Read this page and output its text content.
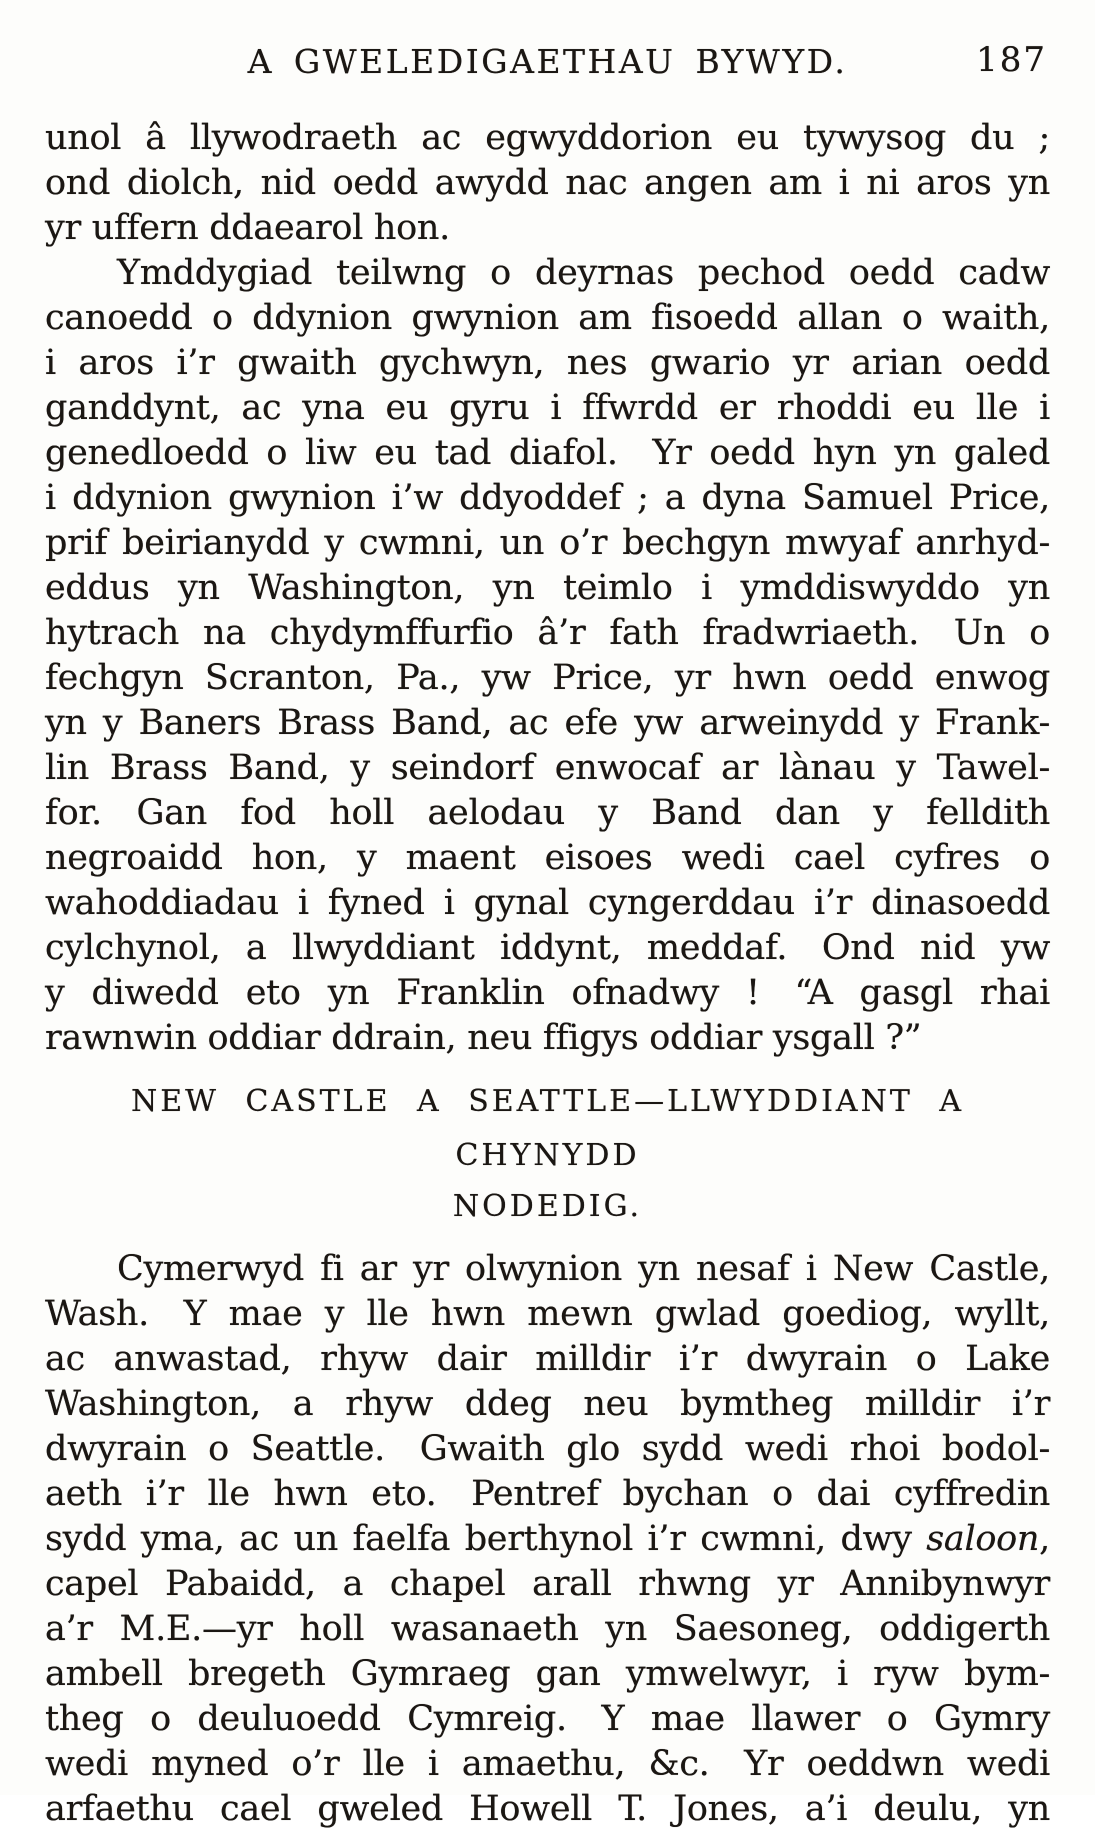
A GWELEDIGAETHAU BYWYD.	187
unol â llywodraeth ac egwyddorion eu tywysog du ;
ond diolch, nid oedd awydd nac angen am i ni aros yn
yr uffern ddaearol hon.
Ymddygiad teilwng o deyrnas pechod oedd cadw
canoedd o ddynion gwynion am fisoedd allan o waith,
i aros i’r gwaith gychwyn, nes gwario yr arian oedd
ganddynt, ac yna eu gyru i ffwrdd er rhoddi eu lle i
genedloedd o liw eu tad diafol. Yr oedd hyn yn galed
i ddynion gwynion i’w ddyoddef ; a dyna Samuel Price,
prif beirianydd y cwmni, un o’r bechgyn mwyaf anrhyd-
eddus yn Washington, yn teimlo i ymddiswyddo yn
hytrach na chydymffurfio â’r fath fradwriaeth. Un o
fechgyn Scranton, Pa., yw Price, yr hwn oedd enwog
yn y Baners Brass Band, ac efe yw arweinydd y Frank-
lin Brass Band, y seindorf enwocaf ar lànau y Tawel-
for. Gan fod holl aelodau y Band dan y felldith
negroaidd hon, y maent eisoes wedi cael cyfres o
wahoddiadau i fyned i gynal cyngerddau i’r dinasoedd
cylchynol, a llwyddiant iddynt, meddaf. Ond nid yw
y diwedd eto yn Franklin ofnadwy ! “A gasgl rhai
rawnwin oddiar ddrain, neu ffigys oddiar ysgall ?”
NEW CASTLE A SEATTLE—LLWYDDIANT A CHYNYDD
NODEDIG.
Cymerwyd fi ar yr olwynion yn nesaf i New Castle,
Wash. Y mae y lle hwn mewn gwlad goediog, wyllt,
ac anwastad, rhyw dair milldir i’r dwyrain o Lake
Washington, a rhyw ddeg neu bymtheg milldir i’r
dwyrain o Seattle. Gwaith glo sydd wedi rhoi bodol-
aeth i’r lle hwn eto. Pentref bychan o dai cyffredin
sydd yma, ac un faelfa berthynol i’r cwmni, dwy saloon,
capel Pabaidd, a chapel arall rhwng yr Annibynwyr
a’r M.E.—yr holl wasanaeth yn Saesoneg, oddigerth
ambell bregeth Gymraeg gan ymwelwyr, i ryw bym-
theg o deuluoedd Cymreig. Y mae llawer o Gymry
wedi myned o’r lle i amaethu, &c. Yr oeddwn wedi
arfaethu cael gweled Howell T. Jones, a’i deulu, yn
